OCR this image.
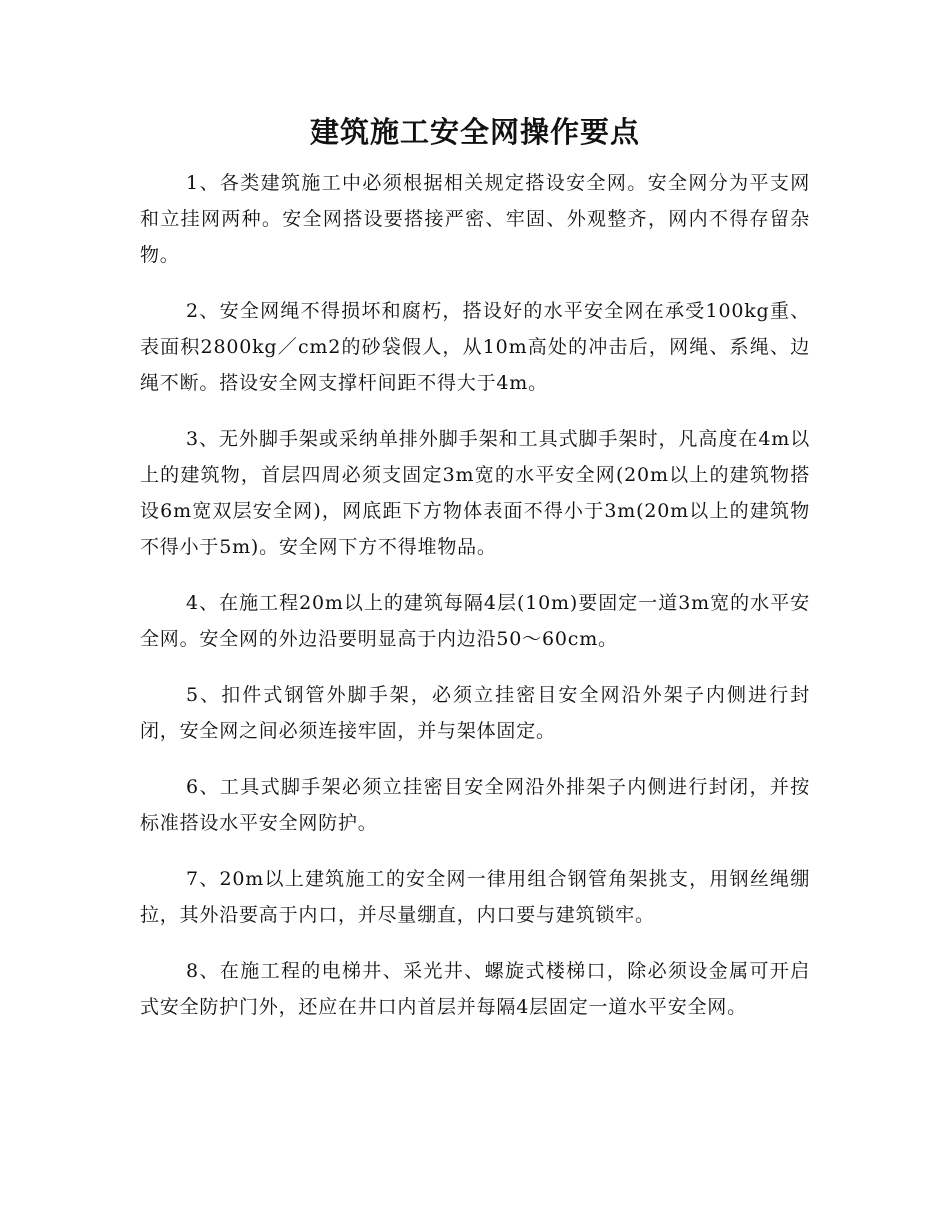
建筑施工安全网操作要点

1、各类建筑施工中必须根据相关规定搭设安全网。安全网分为平支网和立挂网两种。安全网搭设要搭接严密、牢固、外观整齐，网内不得存留杂物。

2、安全网绳不得损坏和腐朽，搭设好的水平安全网在承受100kg重、表面积2800kg／cm2的砂袋假人，从10m高处的冲击后，网绳、系绳、边绳不断。搭设安全网支撑杆间距不得大于4m。

3、无外脚手架或采纳单排外脚手架和工具式脚手架时，凡高度在4m以上的建筑物，首层四周必须支固定3m宽的水平安全网(20m以上的建筑物搭设6m宽双层安全网)，网底距下方物体表面不得小于3m(20m以上的建筑物不得小于5m)。安全网下方不得堆物品。

4、在施工程20m以上的建筑每隔4层(10m)要固定一道3m宽的水平安全网。安全网的外边沿要明显高于内边沿50～60cm。

5、扣件式钢管外脚手架，必须立挂密目安全网沿外架子内侧进行封闭，安全网之间必须连接牢固，并与架体固定。

6、工具式脚手架必须立挂密目安全网沿外排架子内侧进行封闭，并按标准搭设水平安全网防护。

7、20m以上建筑施工的安全网一律用组合钢管角架挑支，用钢丝绳绷拉，其外沿要高于内口，并尽量绷直，内口要与建筑锁牢。

8、在施工程的电梯井、采光井、螺旋式楼梯口，除必须设金属可开启式安全防护门外，还应在井口内首层并每隔4层固定一道水平安全网。
